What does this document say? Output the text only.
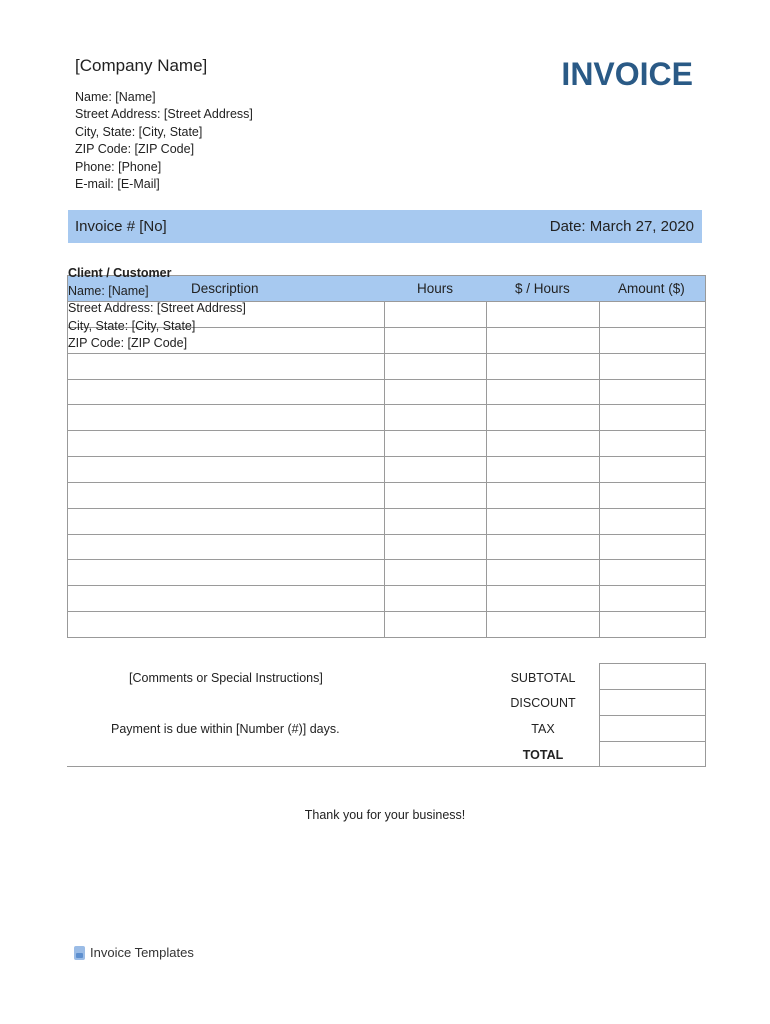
[Company Name]	INVOICE
Name: [Name]
Street Address: [Street Address]
City, State: [City, State]
ZIP Code: [ZIP Code]
Phone: [Phone]
E-mail: [E-Mail]
Invoice # [No]	Date: March 27, 2020
Description	Hours	$ / Hours	Amount ($)
Client / Customer
Name: [Name]
Street Address: [Street Address]
City, State: [City, State]
ZIP Code: [ZIP Code]
[Comments or Special Instructions]
Payment is due within [Number (#)] days.
SUBTOTAL
DISCOUNT
TAX
TOTAL
Thank you for your business!
Invoice Templates
